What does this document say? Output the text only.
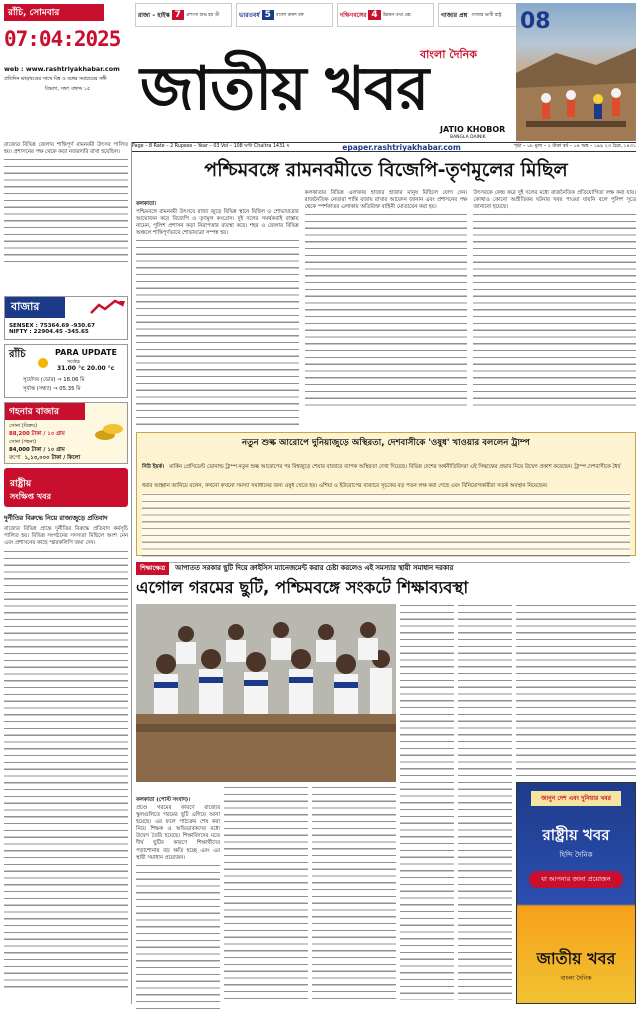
রাঁচি, সোমবার
07:04:2025
web : www.rashtriyakhabar.com
প্রতিদিন ঝাড়খণ্ডের সাথে বিশ্ব ও বঙ্গের সমাচারের সঙ্গী
বিভাগ, সম্বৎ বঙ্গাব্দ ১৫
রাজ্য – হাইস্ক 7	প্রশংসা শুভ হয় তী	ভারতবর্ষ 5	বাংলা ক্রমশ বঙ্গ	দক্ষিণবঙ্গের 4	উন্নয়ন তথ্য প্রশ্ন	গাজার প্রশ্ন গাজার ভাবী রাষ্ট্র
বাংলা দৈনিক
জাতীয় খবর
JATIO KHOBOR
BANGLA DAINIK
08
Page – 8 Rate – 2 Rupees – Year – 03 Vol – 108 ঘন্টা Chaitra 1431 ম	epaper.rashtriyakhabar.com	পৃষ্ঠা – ০৮ মূল্য – ২ টাকা বর্ষ – ০৪ অঙ্ক – ১৯৯ ২৩ চৈত্র, ১৪৩১
রাজ্যের বিভিন্ন জেলায় শান্তিপূর্ণ রামনবমী উৎসব পালিত হয়। প্রশাসনের পক্ষ থেকে কড়া নজরদারি রাখা হয়েছিল।
বাজার
SENSEX : 75364.69 -930.67
NIFTY : 22904.45 -345.65
রাঁচি	PARA UPDATE
সর্বোচ্চ
31.00 °c 20.00 °c
সূর্যোদয় (ভোর) ⇒ 18.06 মি
সূর্যাস্ত (সন্ধ্যা) ⇒ 05.35 মি
গহনার বাজার
সোনা (বিক্রয়)
88,200 টাকা / ১০ গ্রাম
সোনা (গহনা)
84,000 টাকা / ১০ গ্রাম
রুপো ১,১৩,০০০ টাকা / কিলো
রাষ্ট্রীয়
সংক্ষিপ্ত খবর
দুর্নীতির বিরুদ্ধে নিয়ে রাজ্যজুড়ে প্রতিবাদ
রাজ্যের বিভিন্ন প্রান্তে দুর্নীতির বিরুদ্ধে প্রতিবাদ কর্মসূচি পালিত হয়। বিভিন্ন সংগঠনের সদস্যরা মিছিলে অংশ নেন এবং প্রশাসনের কাছে স্মারকলিপি জমা দেন।
পশ্চিমবঙ্গে রামনবমীতে বিজেপি-তৃণমূলের মিছিল
কলকাতা।
পশ্চিমবঙ্গে রামনবমী উৎসবে রাজ্য জুড়ে বিভিন্ন স্থানে মিছিল ও শোভাযাত্রার আয়োজন করে বিজেপি ও তৃণমূল কংগ্রেস। দুই দলের সমর্থকরাই রাস্তায় নামেন, পুলিশ প্রশাসন কড়া নিরাপত্তার ব্যবস্থা করে। শহর ও জেলার বিভিন্ন অঞ্চলে শান্তিপূর্ণভাবে শোভাযাত্রা সম্পন্ন হয়।
কলকাতার বিভিন্ন এলাকায় হাজার হাজার মানুষ মিছিলে যোগ দেন। রাজনৈতিক নেতারা শান্তি বজায় রাখার আবেদন জানান এবং প্রশাসনের পক্ষ থেকে স্পর্শকাতর এলাকায় অতিরিক্ত বাহিনী মোতায়েন করা হয়।
উৎসবকে কেন্দ্র করে দুই দলের মধ্যে রাজনৈতিক প্রতিযোগিতা লক্ষ করা যায়। কোথাও কোনো অপ্রীতিকর ঘটনার খবর পাওয়া যায়নি বলে পুলিশ সূত্রে জানানো হয়েছে।
নতুন শুল্ক আরোপে দুনিয়াজুড়ে অস্থিরতা, দেশবাসীকে 'ওষুধ' খাওয়ার বললেন ট্রাম্প
নিউ ইয়র্ক। মার্কিন প্রেসিডেন্ট ডোনাল্ড ট্রাম্প নতুন শুল্ক আরোপের পর বিশ্বজুড়ে শেয়ার বাজারে ব্যাপক অস্থিরতা দেখা দিয়েছে। বিভিন্ন দেশের অর্থনীতিবিদরা এই সিদ্ধান্তের প্রভাব নিয়ে উদ্বেগ প্রকাশ করেছেন। ট্রাম্প দেশবাসীকে ধৈর্য ধরার আহ্বান জানিয়ে বলেন, কখনো কখনো সমস্যা সমাধানের জন্য ওষুধ খেতে হয়। এশিয়া ও ইউরোপের বাজারে সূচকের বড় পতন লক্ষ করা গেছে এবং বিনিয়োগকারীরা সতর্ক অবস্থান নিয়েছেন।
শিক্ষাক্ষেত্র	আপাতত সরকার ছুটি দিয়ে ক্রাইসিস ম্যানেজমেন্ট করার চেষ্টা করলেও এই সমস্যার স্থায়ী সমাধান দরকার
এগোল গরমের ছুটি, পশ্চিমবঙ্গে সংকটে শিক্ষাব্যবস্থা
কলকাতা (পোস্ট সংবাদ)।
প্রচণ্ড গরমের কারণে রাজ্যের স্কুলগুলিতে গরমের ছুটি এগিয়ে আনা হয়েছে। এর ফলে পাঠ্যক্রম শেষ করা নিয়ে শিক্ষক ও অভিভাবকদের মধ্যে উদ্বেগ তৈরি হয়েছে। শিক্ষাবিদদের মতে দীর্ঘ ছুটির কারণে শিক্ষার্থীদের পড়াশোনায় বড় ক্ষতি হচ্ছে এবং এর স্থায়ী সমাধান প্রয়োজন।
জানুন দেশ এবং দুনিয়ার খবর
রাষ্ট্রীয় খবর
হিন্দি দৈনিক
যা আপনার জানা প্রয়োজন
জাতীয় খবর
বাংলা দৈনিক
